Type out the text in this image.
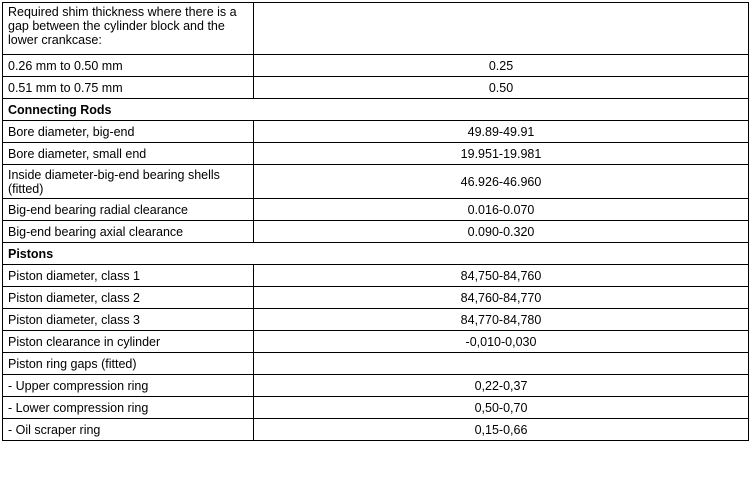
Required shim thickness where there is a gap between the cylinder block and the lower crankcase:	
0.26 mm to 0.50 mm	0.25
0.51 mm to 0.75 mm	0.50
Connecting Rods	
Bore diameter, big-end	49.89-49.91
Bore diameter, small end	19.951-19.981
Inside diameter-big-end bearing shells (fitted)	46.926-46.960
Big-end bearing radial clearance	0.016-0.070
Big-end bearing axial clearance	0.090-0.320
Pistons	
Piston diameter, class 1	84,750-84,760
Piston diameter, class 2	84,760-84,770
Piston diameter, class 3	84,770-84,780
Piston clearance in cylinder	-0,010-0,030
Piston ring gaps (fitted)	
- Upper compression ring	0,22-0,37
- Lower compression ring	0,50-0,70
- Oil scraper ring	0,15-0,66
